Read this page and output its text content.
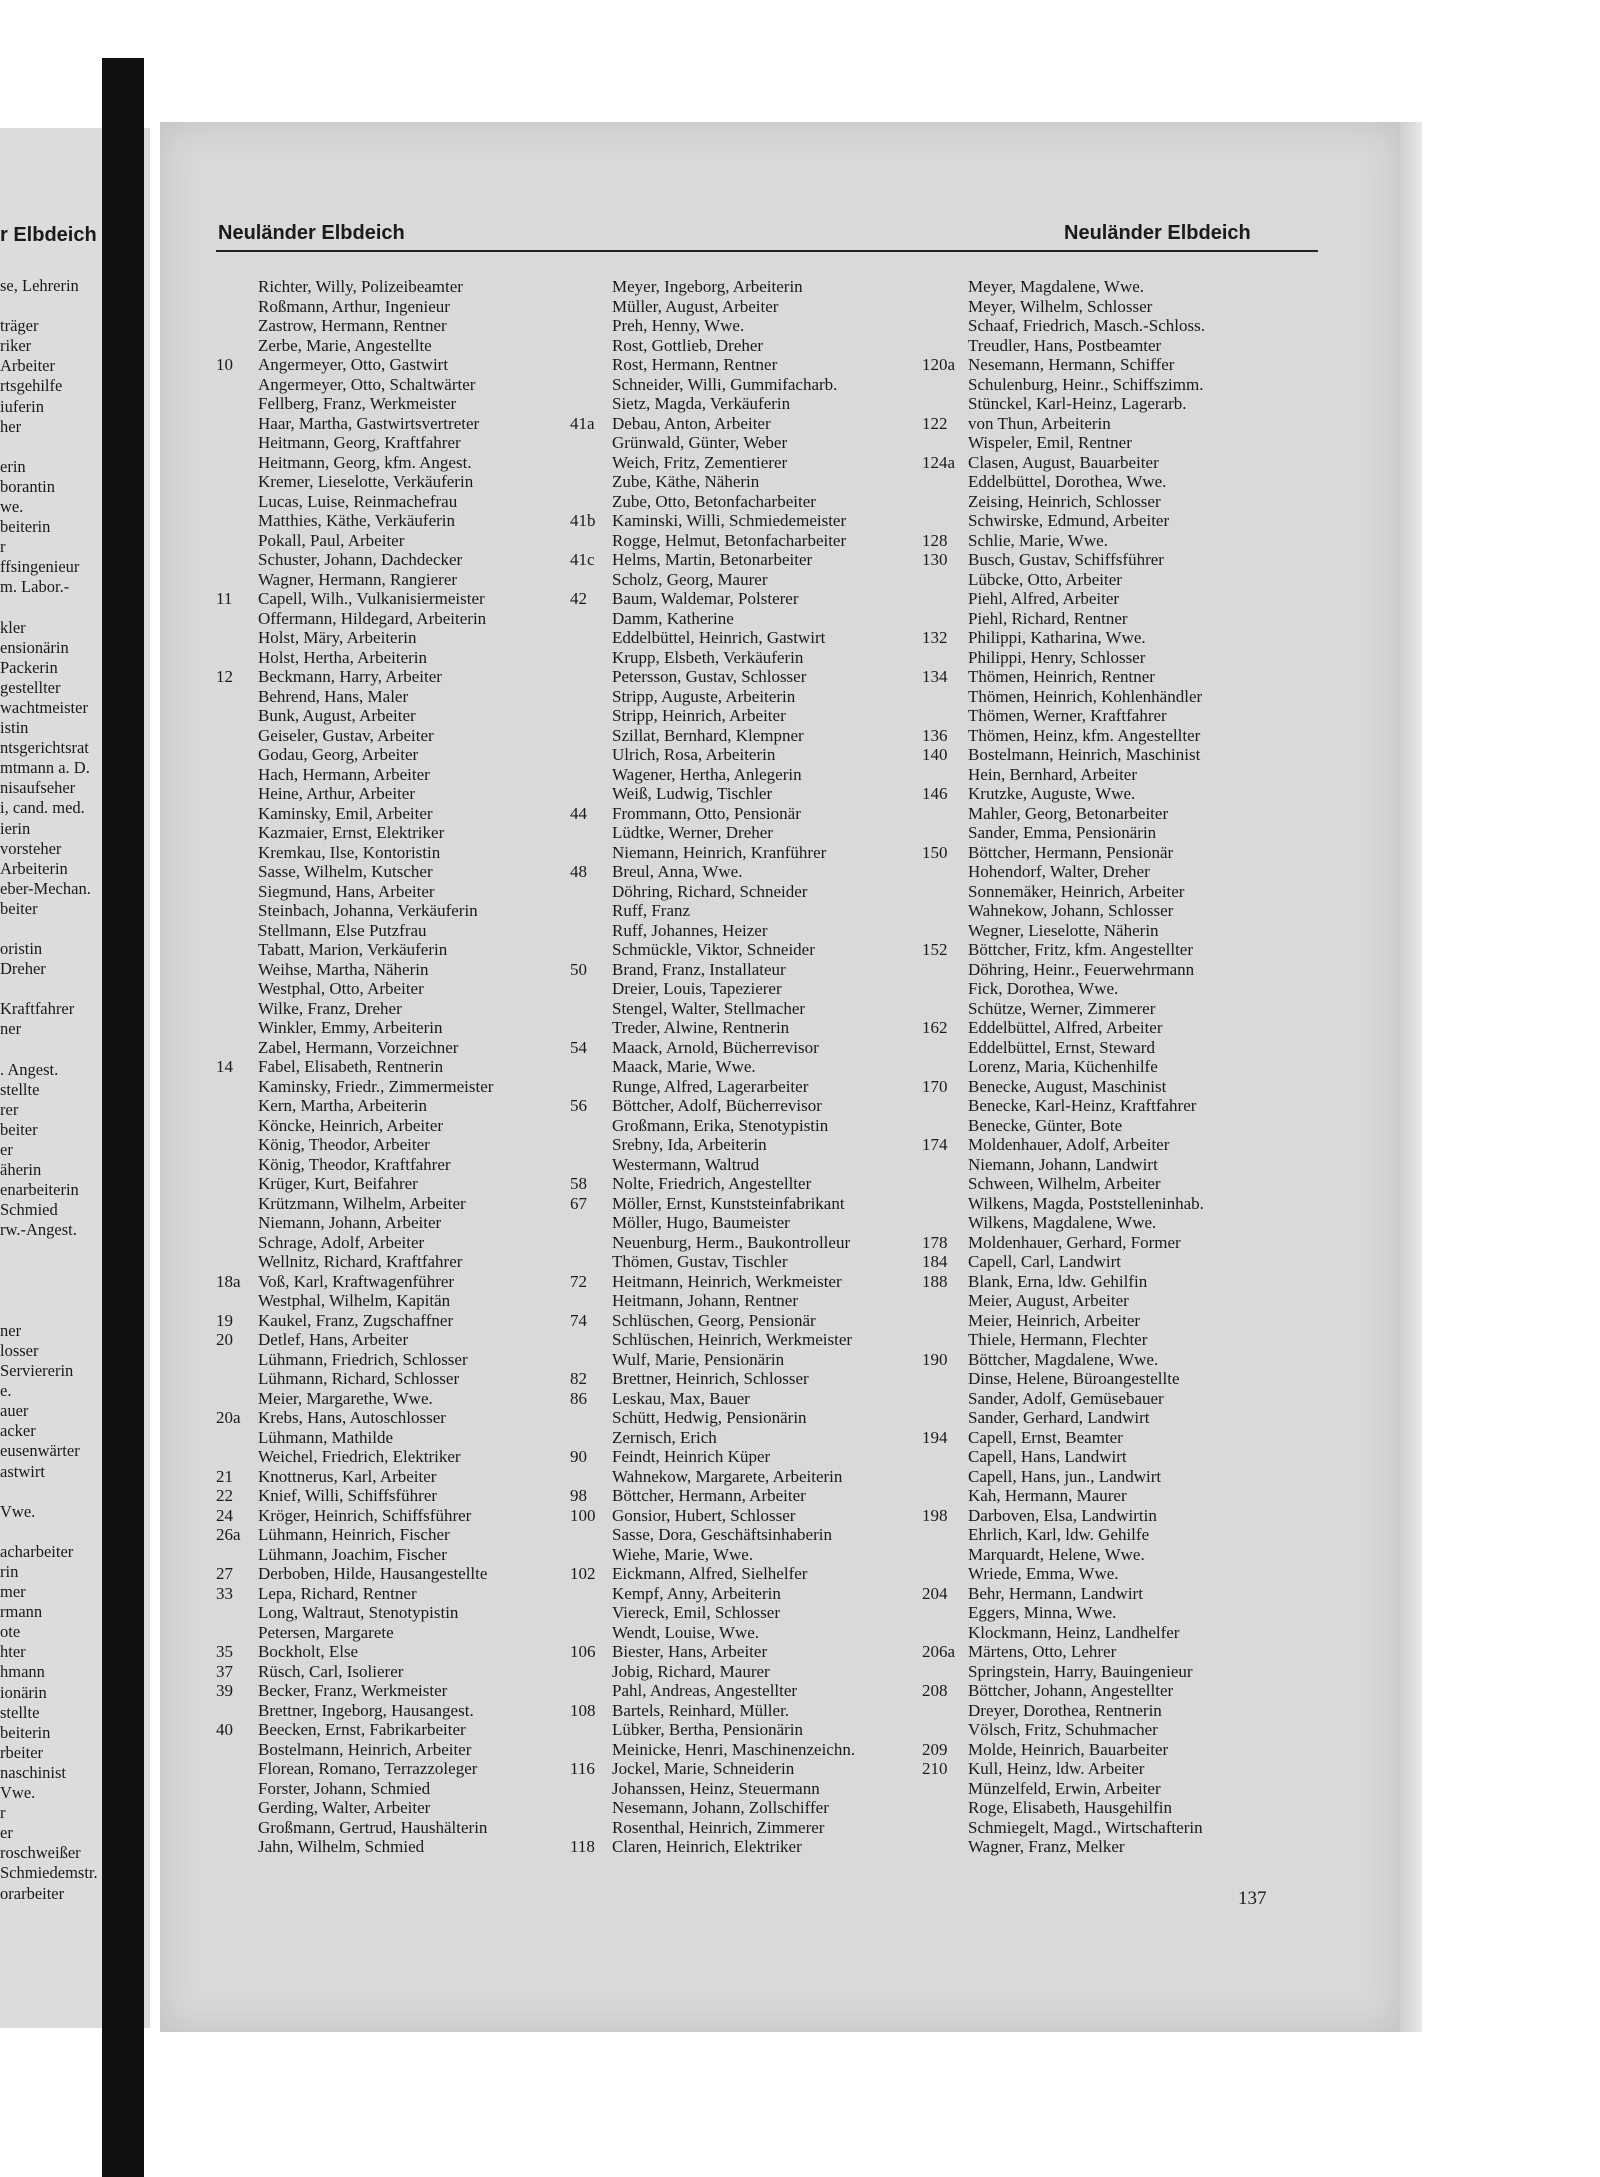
r Elbdeich
se, Lehrerin
träger
riker
Arbeiter
rtsgehilfe
iuferin
her
erin
borantin
we.
beiterin
r
ffsingenieur
m. Labor.-
kler
ensionärin
Packerin
gestellter
wachtmeister
istin
ntsgerichtsrat
mtmann a. D.
nisaufseher
i, cand. med.
ierin
vorsteher
Arbeiterin
eber-Mechan.
beiter
oristin
Dreher
Kraftfahrer
ner
. Angest.
stellte
rer
beiter
er
äherin
enarbeiterin
Schmied
rw.-Angest.
ner
losser
Serviererin
e.
auer
acker
eusenwärter
astwirt
Vwe.
acharbeiter
rin
mer
rmann
ote
hter
hmann
ionärin
stellte
beiterin
rbeiter
naschinist
Vwe.
r
er
roschweißer
Schmiedemstr.
orarbeiter
Neuländer Elbdeich	Neuländer Elbdeich
Richter, Willy, Polizeibeamter
Roßmann, Arthur, Ingenieur
Zastrow, Hermann, Rentner
Zerbe, Marie, Angestellte
10	Angermeyer, Otto, Gastwirt
Angermeyer, Otto, Schaltwärter
Fellberg, Franz, Werkmeister
Haar, Martha, Gastwirtsvertreter
Heitmann, Georg, Kraftfahrer
Heitmann, Georg, kfm. Angest.
Kremer, Lieselotte, Verkäuferin
Lucas, Luise, Reinmachefrau
Matthies, Käthe, Verkäuferin
Pokall, Paul, Arbeiter
Schuster, Johann, Dachdecker
Wagner, Hermann, Rangierer
11	Capell, Wilh., Vulkanisiermeister
Offermann, Hildegard, Arbeiterin
Holst, Märy, Arbeiterin
Holst, Hertha, Arbeiterin
12	Beckmann, Harry, Arbeiter
Behrend, Hans, Maler
Bunk, August, Arbeiter
Geiseler, Gustav, Arbeiter
Godau, Georg, Arbeiter
Hach, Hermann, Arbeiter
Heine, Arthur, Arbeiter
Kaminsky, Emil, Arbeiter
Kazmaier, Ernst, Elektriker
Kremkau, Ilse, Kontoristin
Sasse, Wilhelm, Kutscher
Siegmund, Hans, Arbeiter
Steinbach, Johanna, Verkäuferin
Stellmann, Else Putzfrau
Tabatt, Marion, Verkäuferin
Weihse, Martha, Näherin
Westphal, Otto, Arbeiter
Wilke, Franz, Dreher
Winkler, Emmy, Arbeiterin
Zabel, Hermann, Vorzeichner
14	Fabel, Elisabeth, Rentnerin
Kaminsky, Friedr., Zimmermeister
Kern, Martha, Arbeiterin
Köncke, Heinrich, Arbeiter
König, Theodor, Arbeiter
König, Theodor, Kraftfahrer
Krüger, Kurt, Beifahrer
Krützmann, Wilhelm, Arbeiter
Niemann, Johann, Arbeiter
Schrage, Adolf, Arbeiter
Wellnitz, Richard, Kraftfahrer
18a	Voß, Karl, Kraftwagenführer
Westphal, Wilhelm, Kapitän
19	Kaukel, Franz, Zugschaffner
20	Detlef, Hans, Arbeiter
Lühmann, Friedrich, Schlosser
Lühmann, Richard, Schlosser
Meier, Margarethe, Wwe.
20a	Krebs, Hans, Autoschlosser
Lühmann, Mathilde
Weichel, Friedrich, Elektriker
21	Knottnerus, Karl, Arbeiter
22	Knief, Willi, Schiffsführer
24	Kröger, Heinrich, Schiffsführer
26a	Lühmann, Heinrich, Fischer
Lühmann, Joachim, Fischer
27	Derboben, Hilde, Hausangestellte
33	Lepa, Richard, Rentner
Long, Waltraut, Stenotypistin
Petersen, Margarete
35	Bockholt, Else
37	Rüsch, Carl, Isolierer
39	Becker, Franz, Werkmeister
Brettner, Ingeborg, Hausangest.
40	Beecken, Ernst, Fabrikarbeiter
Bostelmann, Heinrich, Arbeiter
Florean, Romano, Terrazzoleger
Forster, Johann, Schmied
Gerding, Walter, Arbeiter
Großmann, Gertrud, Haushälterin
Jahn, Wilhelm, Schmied
Meyer, Ingeborg, Arbeiterin
Müller, August, Arbeiter
Preh, Henny, Wwe.
Rost, Gottlieb, Dreher
Rost, Hermann, Rentner
Schneider, Willi, Gummifacharb.
Sietz, Magda, Verkäuferin
41a	Debau, Anton, Arbeiter
Grünwald, Günter, Weber
Weich, Fritz, Zementierer
Zube, Käthe, Näherin
Zube, Otto, Betonfacharbeiter
41b Kaminski, Willi, Schmiedemeister
Rogge, Helmut, Betonfacharbeiter
41c	Helms, Martin, Betonarbeiter
Scholz, Georg, Maurer
42	Baum, Waldemar, Polsterer
Damm, Katherine
Eddelbüttel, Heinrich, Gastwirt
Krupp, Elsbeth, Verkäuferin
Petersson, Gustav, Schlosser
Stripp, Auguste, Arbeiterin
Stripp, Heinrich, Arbeiter
Szillat, Bernhard, Klempner
Ulrich, Rosa, Arbeiterin
Wagener, Hertha, Anlegerin
Weiß, Ludwig, Tischler
44	Frommann, Otto, Pensionär
Lüdtke, Werner, Dreher
Niemann, Heinrich, Kranführer
48	Breul, Anna, Wwe.
Döhring, Richard, Schneider
Ruff, Franz
Ruff, Johannes, Heizer
Schmückle, Viktor, Schneider
50	Brand, Franz, Installateur
Dreier, Louis, Tapezierer
Stengel, Walter, Stellmacher
Treder, Alwine, Rentnerin
54	Maack, Arnold, Bücherrevisor
Maack, Marie, Wwe.
Runge, Alfred, Lagerarbeiter
56	Böttcher, Adolf, Bücherrevisor
Großmann, Erika, Stenotypistin
Srebny, Ida, Arbeiterin
Westermann, Waltrud
58	Nolte, Friedrich, Angestellter
67	Möller, Ernst, Kunststeinfabrikant
Möller, Hugo, Baumeister
Neuenburg, Herm., Baukontrolleur
Thömen, Gustav, Tischler
72	Heitmann, Heinrich, Werkmeister
Heitmann, Johann, Rentner
74	Schlüschen, Georg, Pensionär
Schlüschen, Heinrich, Werkmeister
Wulf, Marie, Pensionärin
82	Brettner, Heinrich, Schlosser
86	Leskau, Max, Bauer
Schütt, Hedwig, Pensionärin
Zernisch, Erich
90	Feindt, Heinrich Küper
Wahnekow, Margarete, Arbeiterin
98	Böttcher, Hermann, Arbeiter
100 Gonsior, Hubert, Schlosser
Sasse, Dora, Geschäftsinhaberin
Wiehe, Marie, Wwe.
102 Eickmann, Alfred, Sielhelfer
Kempf, Anny, Arbeiterin
Viereck, Emil, Schlosser
Wendt, Louise, Wwe.
106 Biester, Hans, Arbeiter
Jobig, Richard, Maurer
Pahl, Andreas, Angestellter
108 Bartels, Reinhard, Müller.
Lübker, Bertha, Pensionärin
Meinicke, Henri, Maschinenzeichn.
116	Jockel, Marie, Schneiderin
Johanssen, Heinz, Steuermann
Nesemann, Johann, Zollschiffer
Rosenthal, Heinrich, Zimmerer
118	Claren, Heinrich, Elektriker
Meyer, Magdalene, Wwe.
Meyer, Wilhelm, Schlosser
Schaaf, Friedrich, Masch.-Schloss.
Treudler, Hans, Postbeamter
120a Nesemann, Hermann, Schiffer
Schulenburg, Heinr., Schiffszimm.
Stünckel, Karl-Heinz, Lagerarb.
122	von Thun, Arbeiterin
Wispeler, Emil, Rentner
124a Clasen, August, Bauarbeiter
Eddelbüttel, Dorothea, Wwe.
Zeising, Heinrich, Schlosser
Schwirske, Edmund, Arbeiter
128	Schlie, Marie, Wwe.
130	Busch, Gustav, Schiffsführer
Lübcke, Otto, Arbeiter
Piehl, Alfred, Arbeiter
Piehl, Richard, Rentner
132	Philippi, Katharina, Wwe.
Philippi, Henry, Schlosser
134	Thömen, Heinrich, Rentner
Thömen, Heinrich, Kohlenhändler
Thömen, Werner, Kraftfahrer
136	Thömen, Heinz, kfm. Angestellter
140	Bostelmann, Heinrich, Maschinist
Hein, Bernhard, Arbeiter
146	Krutzke, Auguste, Wwe.
Mahler, Georg, Betonarbeiter
Sander, Emma, Pensionärin
150	Böttcher, Hermann, Pensionär
Hohendorf, Walter, Dreher
Sonnemäker, Heinrich, Arbeiter
Wahnekow, Johann, Schlosser
Wegner, Lieselotte, Näherin
152	Böttcher, Fritz, kfm. Angestellter
Döhring, Heinr., Feuerwehrmann
Fick, Dorothea, Wwe.
Schütze, Werner, Zimmerer
162	Eddelbüttel, Alfred, Arbeiter
Eddelbüttel, Ernst, Steward
Lorenz, Maria, Küchenhilfe
170	Benecke, August, Maschinist
Benecke, Karl-Heinz, Kraftfahrer
Benecke, Günter, Bote
174	Moldenhauer, Adolf, Arbeiter
Niemann, Johann, Landwirt
Schween, Wilhelm, Arbeiter
Wilkens, Magda, Poststelleninhab.
Wilkens, Magdalene, Wwe.
178	Moldenhauer, Gerhard, Former
184	Capell, Carl, Landwirt
188	Blank, Erna, ldw. Gehilfin
Meier, August, Arbeiter
Meier, Heinrich, Arbeiter
Thiele, Hermann, Flechter
190	Böttcher, Magdalene, Wwe.
Dinse, Helene, Büroangestellte
Sander, Adolf, Gemüsebauer
Sander, Gerhard, Landwirt
194	Capell, Ernst, Beamter
Capell, Hans, Landwirt
Capell, Hans, jun., Landwirt
Kah, Hermann, Maurer
198	Darboven, Elsa, Landwirtin
Ehrlich, Karl, ldw. Gehilfe
Marquardt, Helene, Wwe.
Wriede, Emma, Wwe.
204	Behr, Hermann, Landwirt
Eggers, Minna, Wwe.
Klockmann, Heinz, Landhelfer
206a Märtens, Otto, Lehrer
Springstein, Harry, Bauingenieur
208	Böttcher, Johann, Angestellter
Dreyer, Dorothea, Rentnerin
Völsch, Fritz, Schuhmacher
209	Molde, Heinrich, Bauarbeiter
210	Kull, Heinz, ldw. Arbeiter
Münzelfeld, Erwin, Arbeiter
Roge, Elisabeth, Hausgehilfin
Schmiegelt, Magd., Wirtschafterin
Wagner, Franz, Melker
137
